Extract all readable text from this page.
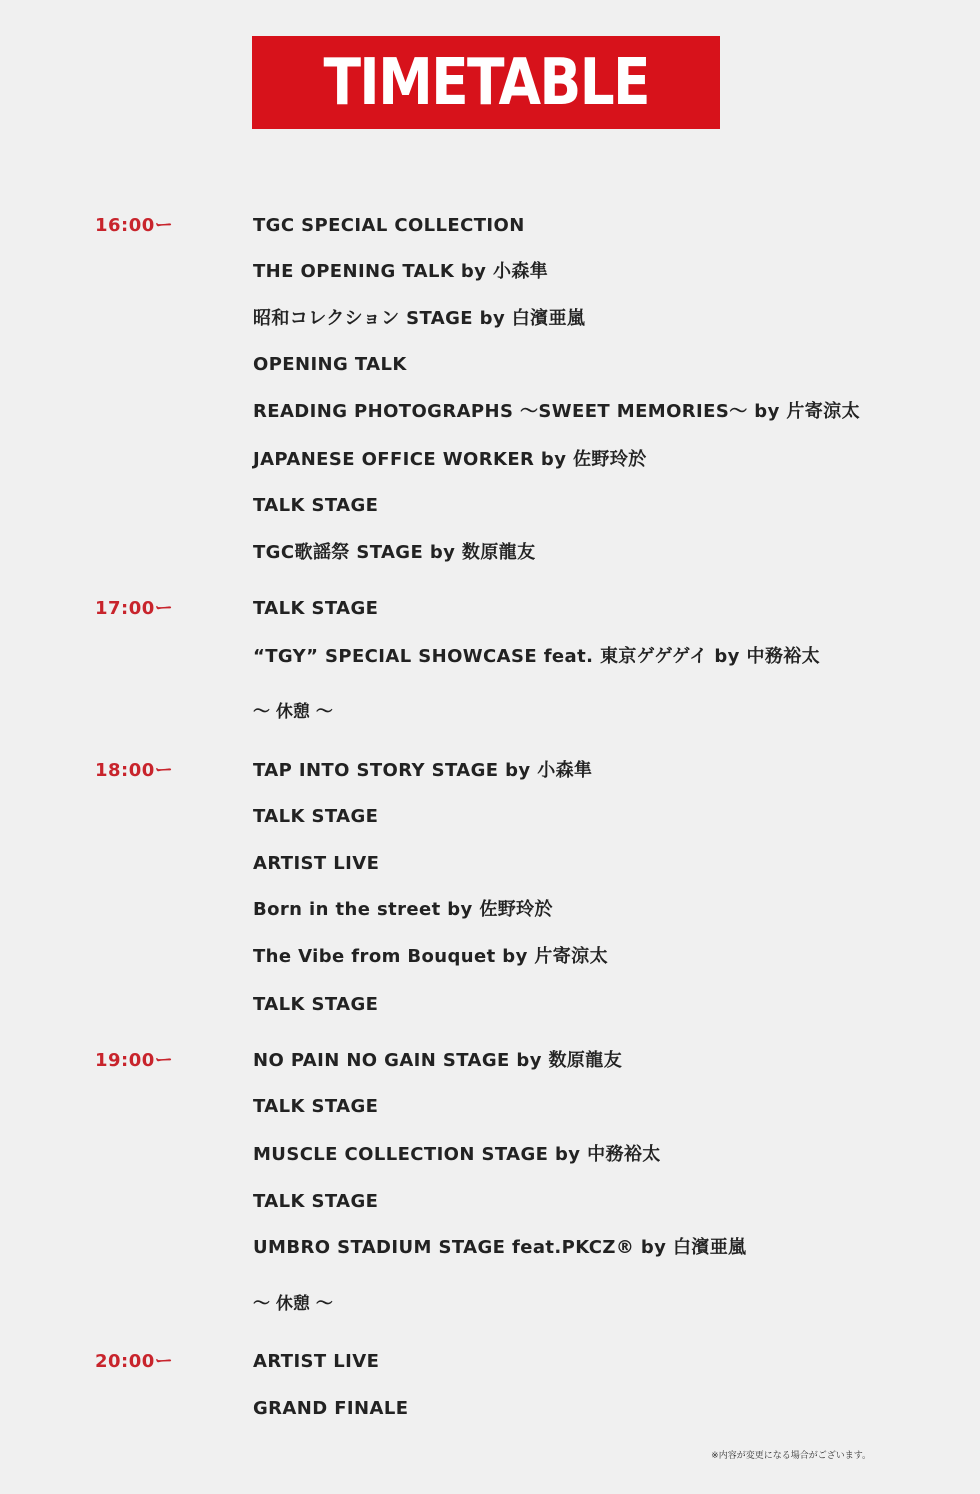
TIMETABLE
16:00ー
17:00ー
18:00ー
19:00ー
20:00ー
TGC SPECIAL COLLECTION
THE OPENING TALK by 小森隼
昭和コレクション STAGE by 白濱亜嵐
OPENING TALK
READING PHOTOGRAPHS 〜SWEET MEMORIES〜 by 片寄涼太
JAPANESE OFFICE WORKER by 佐野玲於
TALK STAGE
TGC歌謡祭 STAGE by 数原龍友
TALK STAGE
“TGY” SPECIAL SHOWCASE feat. 東京ゲゲゲイ by 中務裕太
〜 休憩 〜
TAP INTO STORY STAGE by 小森隼
TALK STAGE
ARTIST LIVE
Born in the street by 佐野玲於
The Vibe from Bouquet by 片寄涼太
TALK STAGE
NO PAIN NO GAIN STAGE by 数原龍友
TALK STAGE
MUSCLE COLLECTION STAGE by 中務裕太
TALK STAGE
UMBRO STADIUM STAGE feat.PKCZ® by 白濱亜嵐
〜 休憩 〜
ARTIST LIVE
GRAND FINALE
※内容が変更になる場合がございます。
